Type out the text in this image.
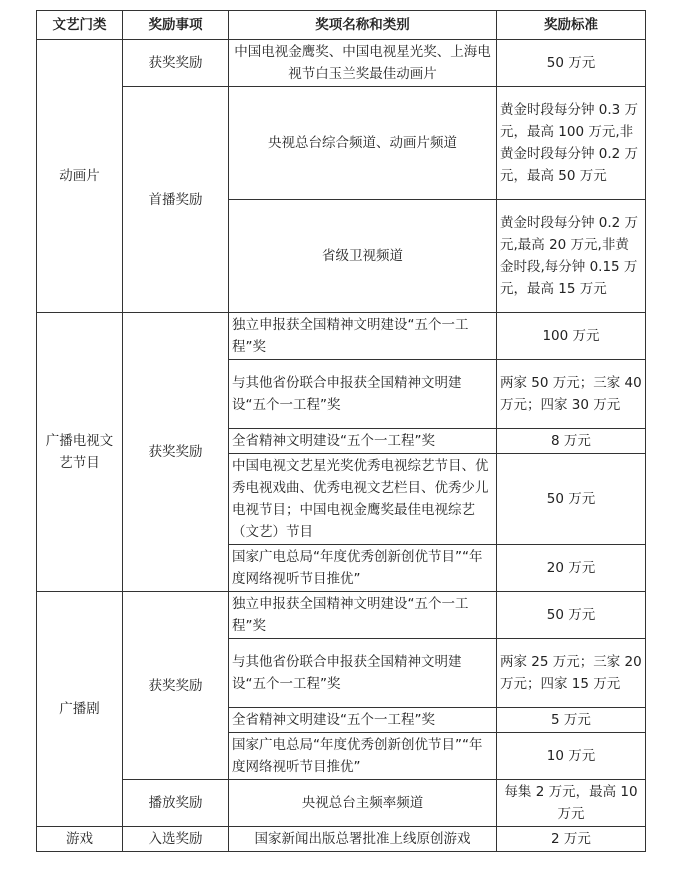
文艺门类	奖励事项	奖项名称和类别	奖励标准
动画片	获奖奖励	中国电视金鹰奖、中国电视星光奖、上海电视节白玉兰奖最佳动画片	50 万元
	首播奖励	央视总台综合频道、动画片频道	黄金时段每分钟 0.3 万元，最高 100 万元,非黄金时段每分钟 0.2 万元，最高 50 万元
		省级卫视频道	黄金时段每分钟 0.2 万元,最高 20 万元,非黄金时段,每分钟 0.15 万元，最高 15 万元
广播电视文艺节目	获奖奖励	独立申报获全国精神文明建设“五个一工程”奖	100 万元
		与其他省份联合申报获全国精神文明建设“五个一工程”奖	两家 50 万元；三家 40 万元；四家 30 万元
		全省精神文明建设“五个一工程”奖	8 万元
		中国电视文艺星光奖优秀电视综艺节目、优秀电视戏曲、优秀电视文艺栏目、优秀少儿电视节目；中国电视金鹰奖最佳电视综艺（文艺）节目	50 万元
		国家广电总局“年度优秀创新创优节目”“年度网络视听节目推优”	20 万元
广播剧	获奖奖励	独立申报获全国精神文明建设“五个一工程”奖	50 万元
		与其他省份联合申报获全国精神文明建设“五个一工程”奖	两家 25 万元；三家 20 万元；四家 15 万元
		全省精神文明建设“五个一工程”奖	5 万元
		国家广电总局“年度优秀创新创优节目”“年度网络视听节目推优”	10 万元
	播放奖励	央视总台主频率频道	每集 2 万元，最高 10 万元
游戏	入选奖励	国家新闻出版总署批准上线原创游戏	2 万元
